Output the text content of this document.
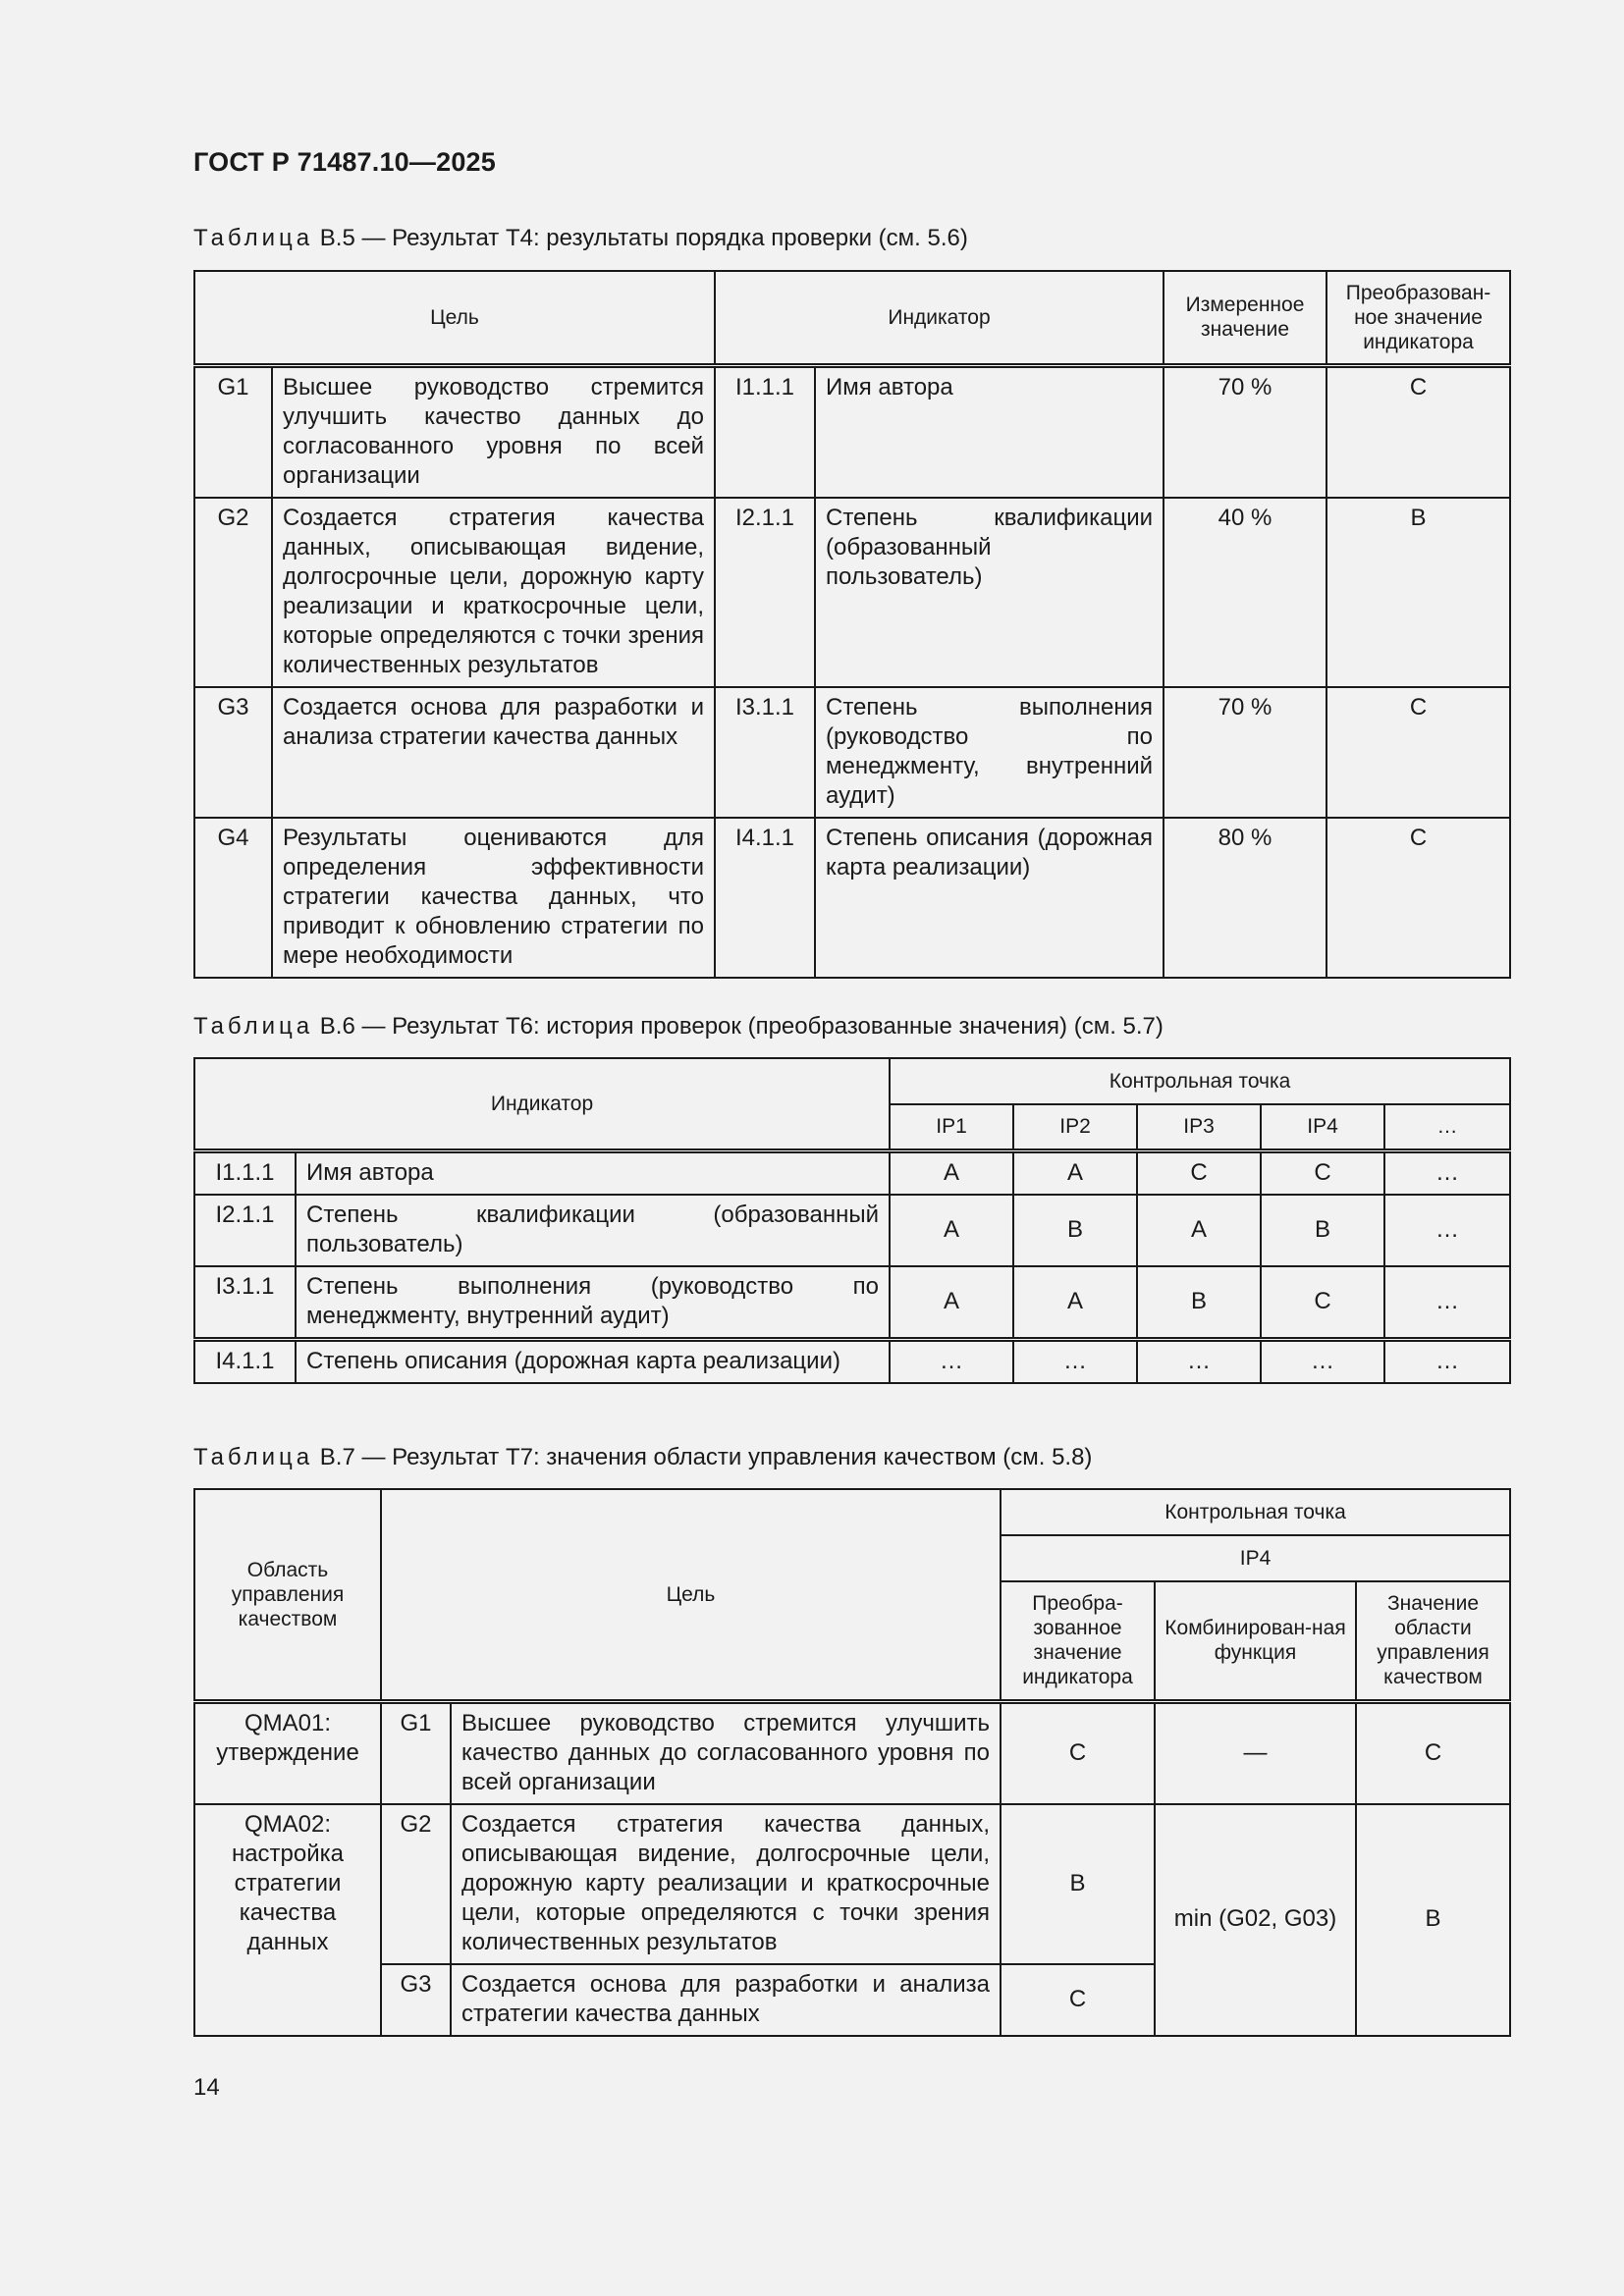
ГОСТ Р 71487.10—2025
Таблица В.5 — Результат Т4: результаты порядка проверки (см. 5.6)
Цель		Индикатор		Измеренное значение	Преобразован-ное значение индикатора
G1	Высшее руководство стремится улучшить качество данных до согласованного уровня по всей организации	I1.1.1	Имя автора	70 %	C
G2	Создается стратегия качества данных, описывающая видение, долгосрочные цели, дорожную карту реализации и краткосрочные цели, которые определяются с точки зрения количественных результатов	I2.1.1	Степень квалификации (образованный пользователь)	40 %	B
G3	Создается основа для разработки и анализа стратегии качества данных	I3.1.1	Степень выполнения (руководство по менеджменту, внутренний аудит)	70 %	C
G4	Результаты оцениваются для определения эффективности стратегии качества данных, что приводит к обновлению стратегии по мере необходимости	I4.1.1	Степень описания (дорожная карта реализации)	80 %	C
Таблица В.6 — Результат Т6: история проверок (преобразованные значения) (см. 5.7)
Индикатор		Контрольная точка				
		IP1	IP2	IP3	IP4	…
I1.1.1	Имя автора	A	A	C	C	…
I2.1.1	Степень квалификации (образованный пользователь)	A	B	A	B	…
I3.1.1	Степень выполнения (руководство по менеджменту, внутренний аудит)	A	A	B	C	…
I4.1.1	Степень описания (дорожная карта реализации)	…	…	…	…	…
Таблица В.7 — Результат Т7: значения области управления качеством (см. 5.8)
Область управления качеством	Цель		Контрольная точка		
			IP4		
			Преобра-зованное значение индикатора	Комбинирован-ная функция	Значение области управления качеством
QMA01: утверждение	G1	Высшее руководство стремится улучшить качество данных до согласованного уровня по всей организации	C	—	C
QMA02: настройка стратегии качества данных	G2	Создается стратегия качества данных, описывающая видение, долгосрочные цели, дорожную карту реализации и краткосрочные цели, которые определяются с точки зрения количественных результатов	B	min (G02, G03)	B
	G3	Создается основа для разработки и анализа стратегии качества данных	C		
14
